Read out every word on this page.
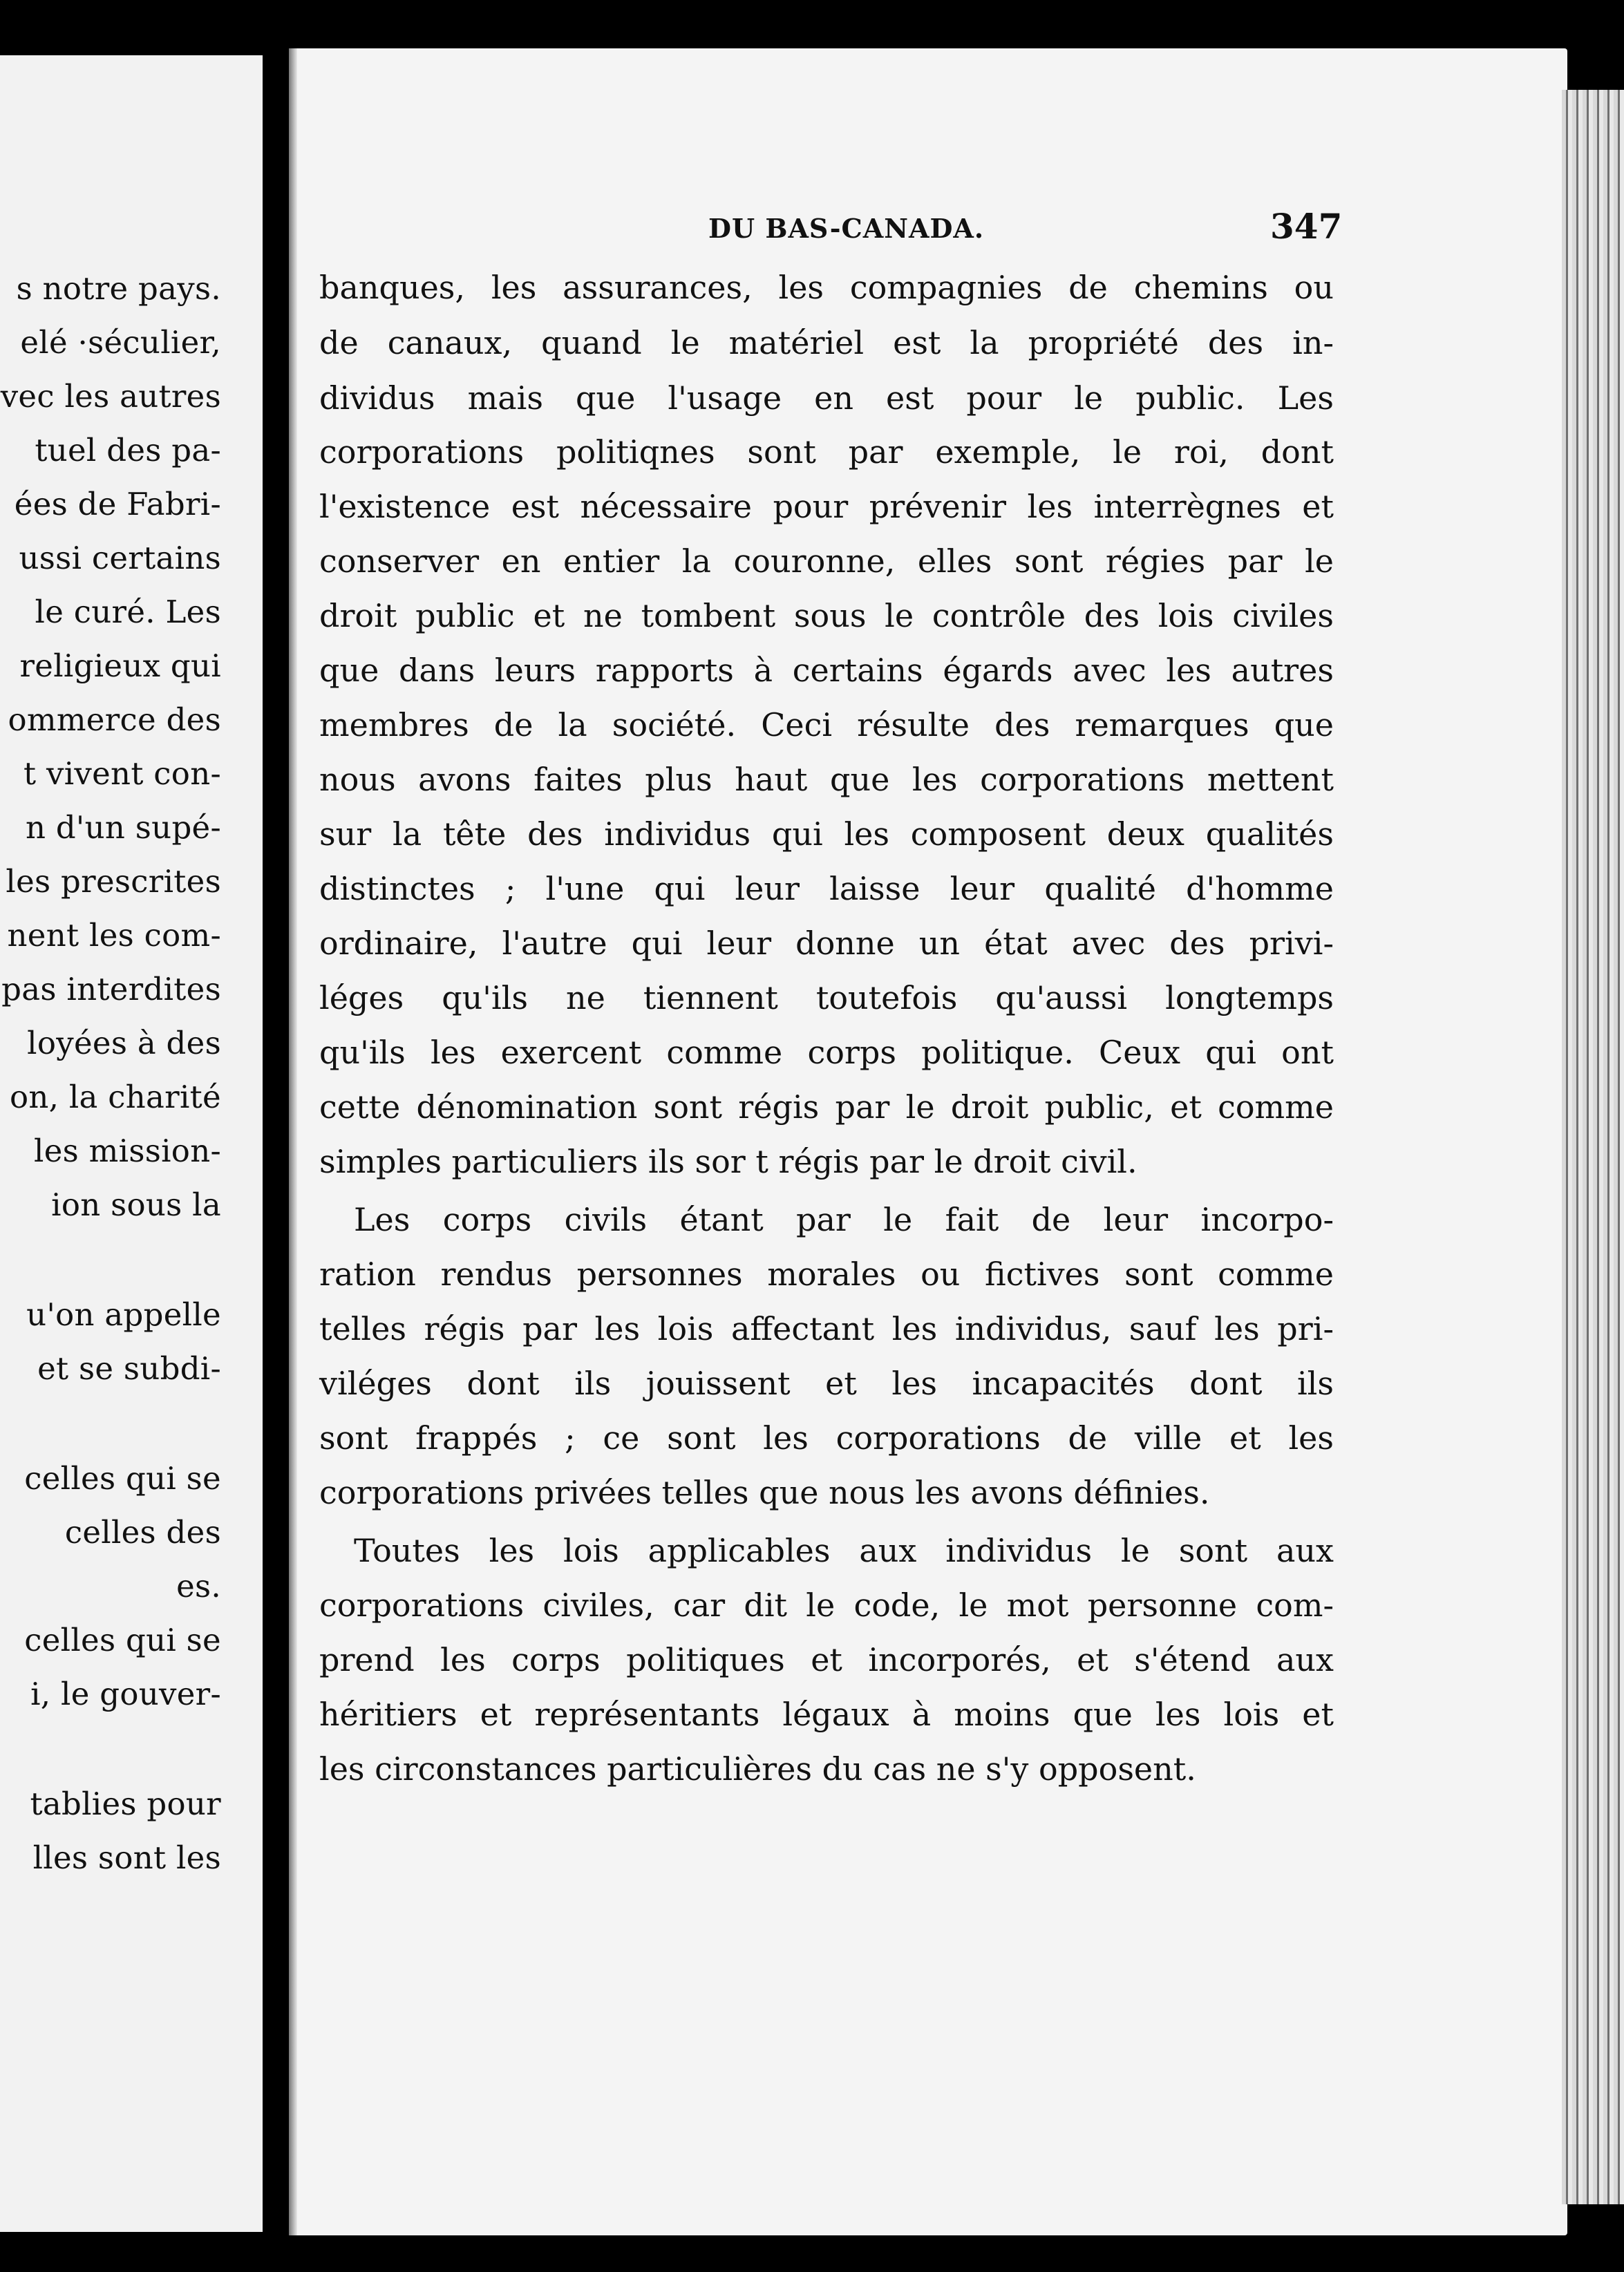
s notre pays.
elé ·séculier,
vec les autres
tuel des pa-
ées de Fabri-
ussi certains
le curé. Les
religieux qui
ommerce des
t vivent con-
n d'un supé-
les prescrites
nent les com-
pas interdites
loyées à des
on, la charité
les mission-
ion sous la
u'on appelle
et se subdi-
celles qui se
celles des
es.
celles qui se
i, le gouver-
tablies pour
lles sont les
DU BAS-CANADA.	347
banques, les assurances, les compagnies de chemins ou
de canaux, quand le matériel est la propriété des in-
dividus mais que l'usage en est pour le public. Les
corporations politiqnes sont par exemple, le roi, dont
l'existence est nécessaire pour prévenir les interrègnes et
conserver en entier la couronne, elles sont régies par le
droit public et ne tombent sous le contrôle des lois civiles
que dans leurs rapports à certains égards avec les autres
membres de la société. Ceci résulte des remarques que
nous avons faites plus haut que les corporations mettent
sur la tête des individus qui les composent deux qualités
distinctes ; l'une qui leur laisse leur qualité d'homme
ordinaire, l'autre qui leur donne un état avec des privi-
léges qu'ils ne tiennent toutefois qu'aussi longtemps
qu'ils les exercent comme corps politique. Ceux qui ont
cette dénomination sont régis par le droit public, et comme
simples particuliers ils sor t régis par le droit civil.
Les corps civils étant par le fait de leur incorpo-
ration rendus personnes morales ou fictives sont comme
telles régis par les lois affectant les individus, sauf les pri-
viléges dont ils jouissent et les incapacités dont ils
sont frappés ; ce sont les corporations de ville et les
corporations privées telles que nous les avons définies.
Toutes les lois applicables aux individus le sont aux
corporations civiles, car dit le code, le mot personne com-
prend les corps politiques et incorporés, et s'étend aux
héritiers et représentants légaux à moins que les lois et
les circonstances particulières du cas ne s'y opposent.
